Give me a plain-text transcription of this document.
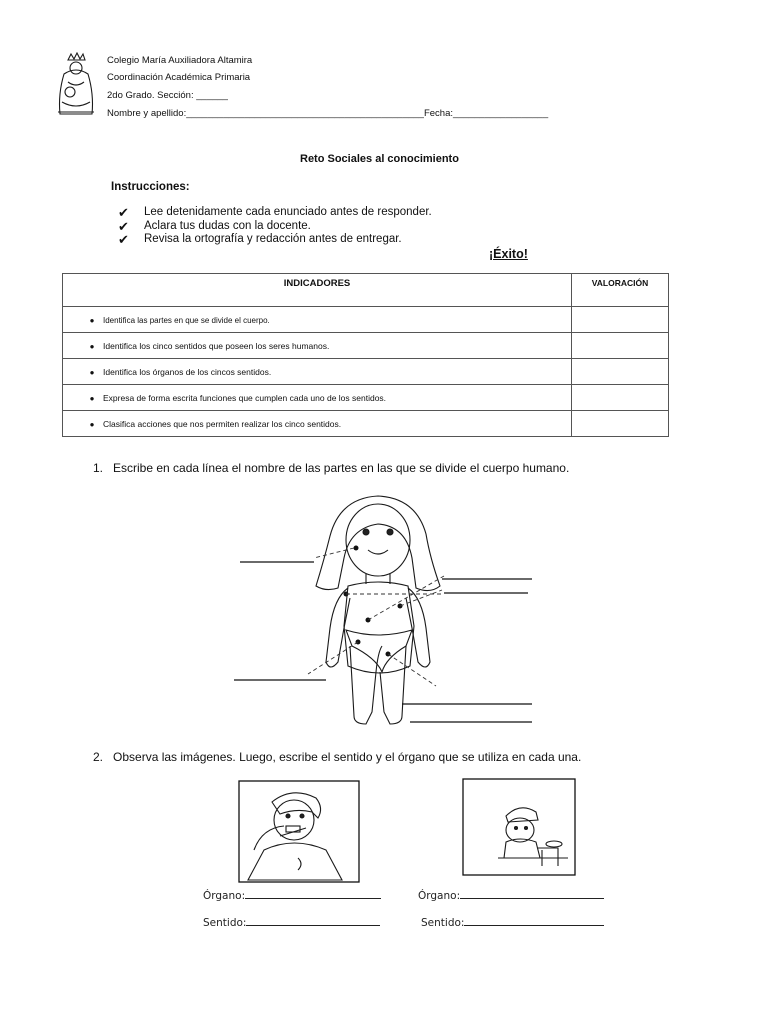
Colegio María Auxiliadora Altamira
Coordinación Académica Primaria
2do Grado. Sección: ______
Nombre y apellido:_____________________________________________Fecha:__________________
Reto Sociales al conocimiento
Instrucciones:
✔	Lee detenidamente cada enunciado antes de responder.
✔	Aclara tus dudas con la docente.
✔	Revisa la ortografía y redacción antes de entregar.
¡Éxito!
INDICADORES	VALORACIÓN
● Identifica las partes en que se divide el cuerpo.	
● Identifica los cinco sentidos que poseen los seres humanos.	
● Identifica los órganos de los cincos sentidos.	
● Expresa de forma escrita funciones que cumplen cada uno de los sentidos.	
● Clasifica acciones que nos permiten realizar los cinco sentidos.	
1.   Escribe en cada línea el nombre de las partes en las que se divide el cuerpo humano.
2.   Observa las imágenes. Luego, escribe el sentido y el órgano que se utiliza en cada una.
Órgano:	Órgano:
Sentido:	Sentido:
